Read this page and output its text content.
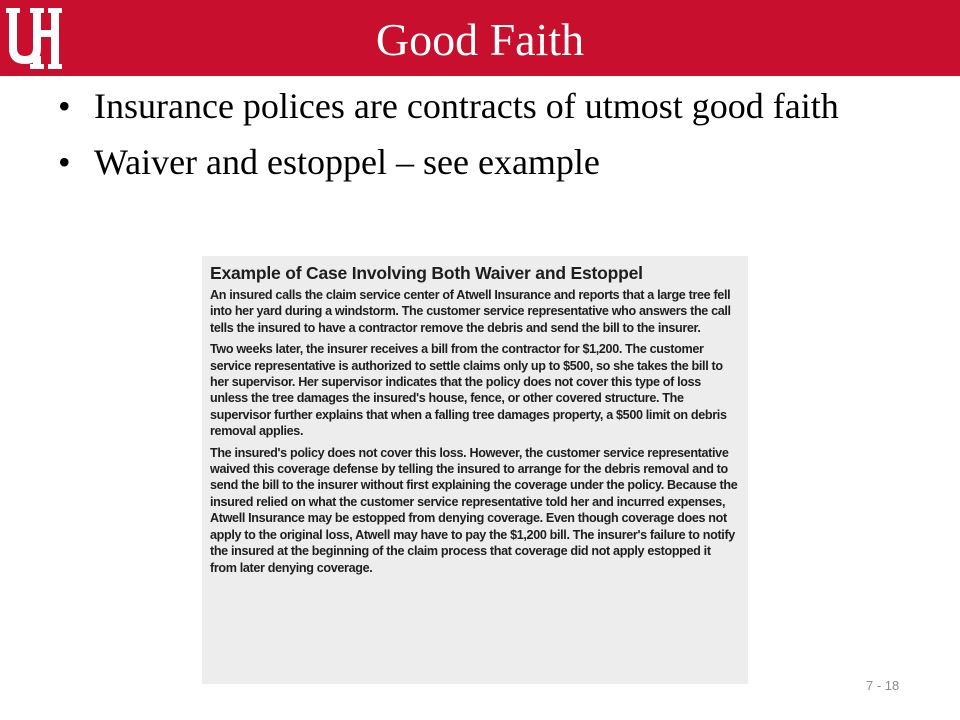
Good Faith
• Insurance polices are contracts of utmost good faith
• Waiver and estoppel – see example
Example of Case Involving Both Waiver and Estoppel

An insured calls the claim service center of Atwell Insurance and reports that a large tree fell into her yard during a windstorm. The customer service representative who answers the call tells the insured to have a contractor remove the debris and send the bill to the insurer.

Two weeks later, the insurer receives a bill from the contractor for $1,200. The customer service representative is authorized to settle claims only up to $500, so she takes the bill to her supervisor. Her supervisor indicates that the policy does not cover this type of loss unless the tree damages the insured's house, fence, or other covered structure. The supervisor further explains that when a falling tree damages property, a $500 limit on debris removal applies.

The insured's policy does not cover this loss. However, the customer service representative waived this coverage defense by telling the insured to arrange for the debris removal and to send the bill to the insurer without first explaining the coverage under the policy. Because the insured relied on what the customer service representative told her and incurred expenses, Atwell Insurance may be estopped from denying coverage. Even though coverage does not apply to the original loss, Atwell may have to pay the $1,200 bill. The insurer's failure to notify the insured at the beginning of the claim process that coverage did not apply estopped it from later denying coverage.

7 - 18
